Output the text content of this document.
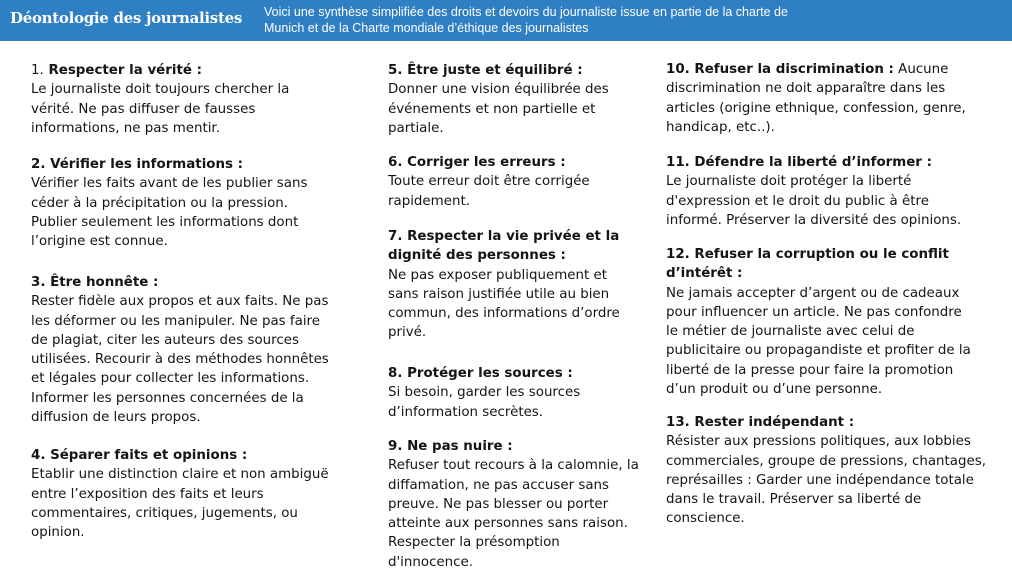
Déontologie des journalistes Voici une synthèse simplifiée des droits et devoirs du journaliste issue en partie de la charte de Munich et de la Charte mondiale d’éthique des journalistes
1. Respecter la vérité :
Le journaliste doit toujours chercher la vérité. Ne pas diffuser de fausses informations, ne pas mentir.
2. Vérifier les informations :
Vérifier les faits avant de les publier sans céder à la précipitation ou la pression. Publier seulement les informations dont l’origine est connue.
3. Être honnête :
Rester fidèle aux propos et aux faits. Ne pas les déformer ou les manipuler. Ne pas faire de plagiat, citer les auteurs des sources utilisées. Recourir à des méthodes honnêtes et légales pour collecter les informations. Informer les personnes concernées de la diffusion de leurs propos.
4. Séparer faits et opinions :
Etablir une distinction claire et non ambiguë entre l’exposition des faits et leurs commentaires, critiques, jugements, ou opinion.
5. Être juste et équilibré :
Donner une vision équilibrée des événements et non partielle et partiale.
6. Corriger les erreurs :
Toute erreur doit être corrigée rapidement.
7. Respecter la vie privée et la dignité des personnes :
Ne pas exposer publiquement et sans raison justifiée utile au bien commun, des informations d’ordre privé.
8. Protéger les sources :
Si besoin, garder les sources d’information secrètes.
9. Ne pas nuire :
Refuser tout recours à la calomnie, la diffamation, ne pas accuser sans preuve. Ne pas blesser ou porter atteinte aux personnes sans raison. Respecter la présomption d'innocence.
10. Refuser la discrimination : Aucune discrimination ne doit apparaître dans les articles (origine ethnique, confession, genre, handicap, etc..).
11. Défendre la liberté d’informer :
Le journaliste doit protéger la liberté d'expression et le droit du public à être informé. Préserver la diversité des opinions.
12. Refuser la corruption ou le conflit d’intérêt :
Ne jamais accepter d’argent ou de cadeaux pour influencer un article. Ne pas confondre le métier de journaliste avec celui de publicitaire ou propagandiste et profiter de la liberté de la presse pour faire la promotion d’un produit ou d’une personne.
13. Rester indépendant :
Résister aux pressions politiques, aux lobbies commerciales, groupe de pressions, chantages, représailles : Garder une indépendance totale dans le travail. Préserver sa liberté de conscience.
